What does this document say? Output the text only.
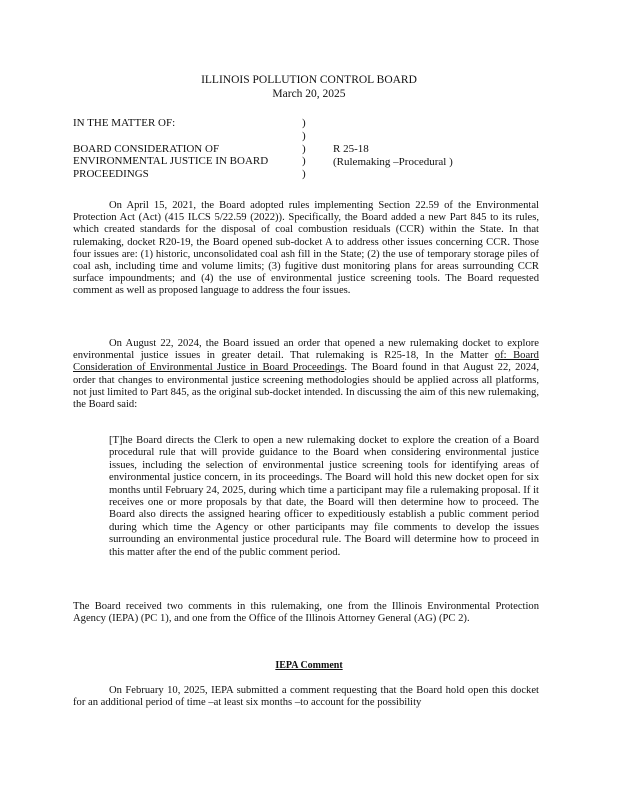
ILLINOIS POLLUTION CONTROL BOARD
March 20, 2025
IN THE MATTER OF:
BOARD CONSIDERATION OF
ENVIRONMENTAL JUSTICE IN BOARD
PROCEEDINGS
)
)
)
)
)
R 25-18
(Rulemaking –Procedural )

On April 15, 2021, the Board adopted rules implementing Section 22.59 of the Environmental Protection Act (Act) (415 ILCS 5/22.59 (2022)). Specifically, the Board added a new Part 845 to its rules, which created standards for the disposal of coal combustion residuals (CCR) within the State. In that rulemaking, docket R20-19, the Board opened sub-docket A to address other issues concerning CCR. Those four issues are: (1) historic, unconsolidated coal ash fill in the State; (2) the use of temporary storage piles of coal ash, including time and volume limits; (3) fugitive dust monitoring plans for areas surrounding CCR surface impoundments; and (4) the use of environmental justice screening tools. The Board requested comment as well as proposed language to address the four issues.

On August 22, 2024, the Board issued an order that opened a new rulemaking docket to explore environmental justice issues in greater detail. That rulemaking is R25-18, In the Matter of: Board Consideration of Environmental Justice in Board Proceedings. The Board found in that August 22, 2024, order that changes to environmental justice screening methodologies should be applied across all platforms, not just limited to Part 845, as the original sub-docket intended. In discussing the aim of this new rulemaking, the Board said:

[T]he Board directs the Clerk to open a new rulemaking docket to explore the creation of a Board procedural rule that will provide guidance to the Board when considering environmental justice issues, including the selection of environmental justice screening tools for identifying areas of environmental justice concern, in its proceedings. The Board will hold this new docket open for six months until February 24, 2025, during which time a participant may file a rulemaking proposal. If it receives one or more proposals by that date, the Board will then determine how to proceed. The Board also directs the assigned hearing officer to expeditiously establish a public comment period during which time the Agency or other participants may file comments to develop the issues surrounding an environmental justice procedural rule. The Board will determine how to proceed in this matter after the end of the public comment period.

The Board received two comments in this rulemaking, one from the Illinois Environmental Protection Agency (IEPA) (PC 1), and one from the Office of the Illinois Attorney General (AG) (PC 2).

IEPA Comment

On February 10, 2025, IEPA submitted a comment requesting that the Board hold open this docket for an additional period of time –at least six months –to account for the possibility
